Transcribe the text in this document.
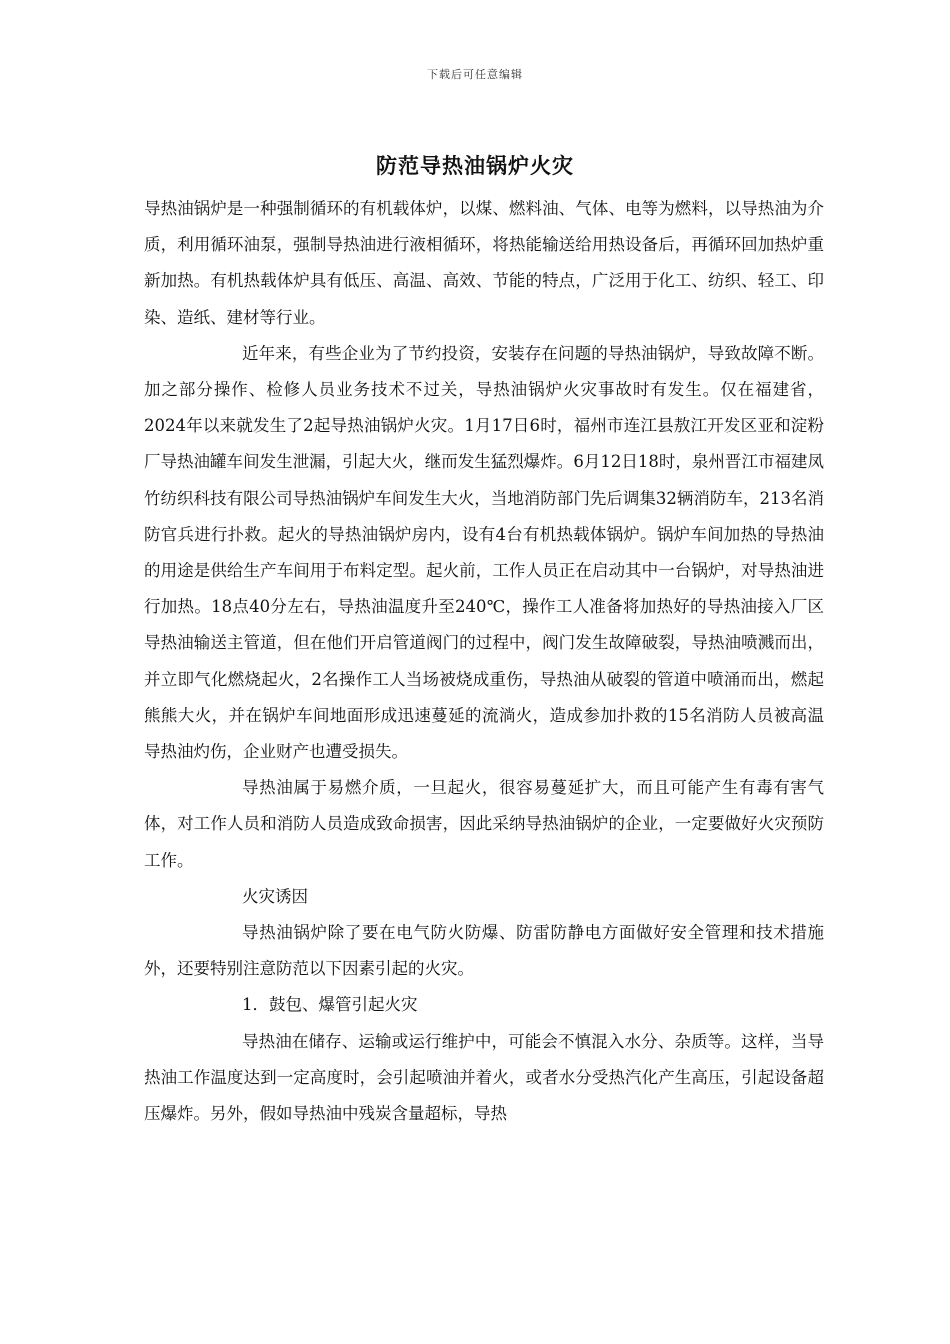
下载后可任意编辑
防范导热油锅炉火灾

导热油锅炉是一种强制循环的有机载体炉，以煤、燃料油、气体、电等为燃料，以导热油为介质，利用循环油泵，强制导热油进行液相循环，将热能输送给用热设备后，再循环回加热炉重新加热。有机热载体炉具有低压、高温、高效、节能的特点，广泛用于化工、纺织、轻工、印染、造纸、建材等行业。

近年来，有些企业为了节约投资，安装存在问题的导热油锅炉，导致故障不断。加之部分操作、检修人员业务技术不过关，导热油锅炉火灾事故时有发生。仅在福建省，2024年以来就发生了2起导热油锅炉火灾。1月17日6时，福州市连江县敖江开发区亚和淀粉厂导热油罐车间发生泄漏，引起大火，继而发生猛烈爆炸。6月12日18时，泉州晋江市福建凤竹纺织科技有限公司导热油锅炉车间发生大火，当地消防部门先后调集32辆消防车，213名消防官兵进行扑救。起火的导热油锅炉房内，设有4台有机热载体锅炉。锅炉车间加热的导热油的用途是供给生产车间用于布料定型。起火前，工作人员正在启动其中一台锅炉，对导热油进行加热。18点40分左右，导热油温度升至240℃，操作工人准备将加热好的导热油接入厂区导热油输送主管道，但在他们开启管道阀门的过程中，阀门发生故障破裂，导热油喷溅而出，并立即气化燃烧起火，2名操作工人当场被烧成重伤，导热油从破裂的管道中喷涌而出，燃起熊熊大火，并在锅炉车间地面形成迅速蔓延的流淌火，造成参加扑救的15名消防人员被高温导热油灼伤，企业财产也遭受损失。

导热油属于易燃介质，一旦起火，很容易蔓延扩大，而且可能产生有毒有害气体，对工作人员和消防人员造成致命损害，因此采纳导热油锅炉的企业，一定要做好火灾预防工作。

火灾诱因

导热油锅炉除了要在电气防火防爆、防雷防静电方面做好安全管理和技术措施外，还要特别注意防范以下因素引起的火灾。

1．鼓包、爆管引起火灾

导热油在储存、运输或运行维护中，可能会不慎混入水分、杂质等。这样，当导热油工作温度达到一定高度时，会引起喷油并着火，或者水分受热汽化产生高压，引起设备超压爆炸。另外，假如导热油中残炭含量超标，导热
